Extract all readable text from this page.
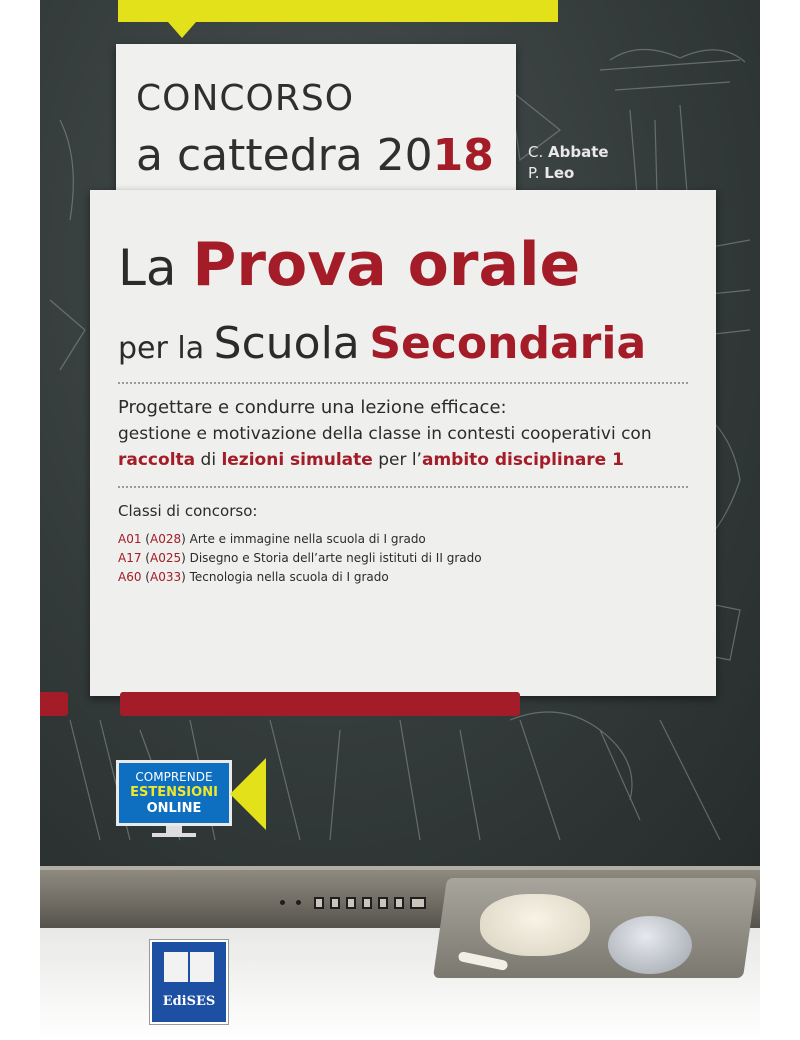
CONCORSO
a cattedra 2018 C. Abbate
P. Leo
La Prova orale
per la Scuola Secondaria
Progettare e condurre una lezione efficace:
gestione e motivazione della classe in contesti cooperativi con
raccolta di lezioni simulate per l’ambito disciplinare 1
Classi di concorso:
A01 (A028) Arte e immagine nella scuola di I grado
A17 (A025) Disegno e Storia dell’arte negli istituti di II grado
A60 (A033) Tecnologia nella scuola di I grado
COMPRENDE
ESTENSIONI
ONLINE
EdiSES
